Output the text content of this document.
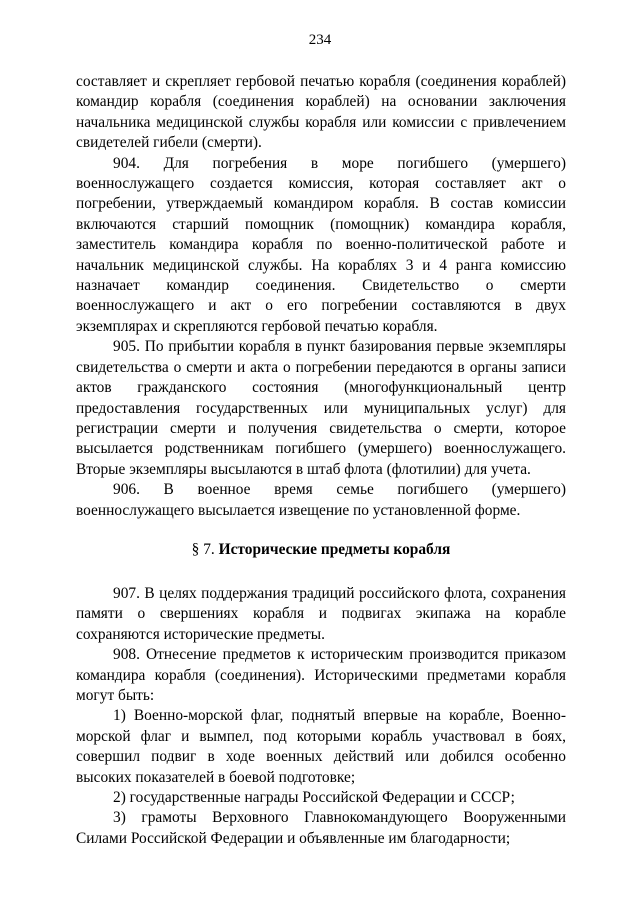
234

составляет и скрепляет гербовой печатью корабля (соединения кораблей) командир корабля (соединения кораблей) на основании заключения начальника медицинской службы корабля или комиссии с привлечением свидетелей гибели (смерти).

904. Для погребения в море погибшего (умершего) военнослужащего создается комиссия, которая составляет акт о погребении, утверждаемый командиром корабля. В состав комиссии включаются старший помощник (помощник) командира корабля, заместитель командира корабля по военно-политической работе и начальник медицинской службы. На кораблях 3 и 4 ранга комиссию назначает командир соединения. Свидетельство о смерти военнослужащего и акт о его погребении составляются в двух экземплярах и скрепляются гербовой печатью корабля.

905. По прибытии корабля в пункт базирования первые экземпляры свидетельства о смерти и акта о погребении передаются в органы записи актов гражданского состояния (многофункциональный центр предоставления государственных или муниципальных услуг) для регистрации смерти и получения свидетельства о смерти, которое высылается родственникам погибшего (умершего) военнослужащего. Вторые экземпляры высылаются в штаб флота (флотилии) для учета.

906. В военное время семье погибшего (умершего) военнослужащего высылается извещение по установленной форме.

§ 7. Исторические предметы корабля

907. В целях поддержания традиций российского флота, сохранения памяти о свершениях корабля и подвигах экипажа на корабле сохраняются исторические предметы.

908. Отнесение предметов к историческим производится приказом командира корабля (соединения). Историческими предметами корабля могут быть:

1) Военно-морской флаг, поднятый впервые на корабле, Военно-морской флаг и вымпел, под которыми корабль участвовал в боях, совершил подвиг в ходе военных действий или добился особенно высоких показателей в боевой подготовке;

2) государственные награды Российской Федерации и СССР;

3) грамоты Верховного Главнокомандующего Вооруженными Силами Российской Федерации и объявленные им благодарности;
